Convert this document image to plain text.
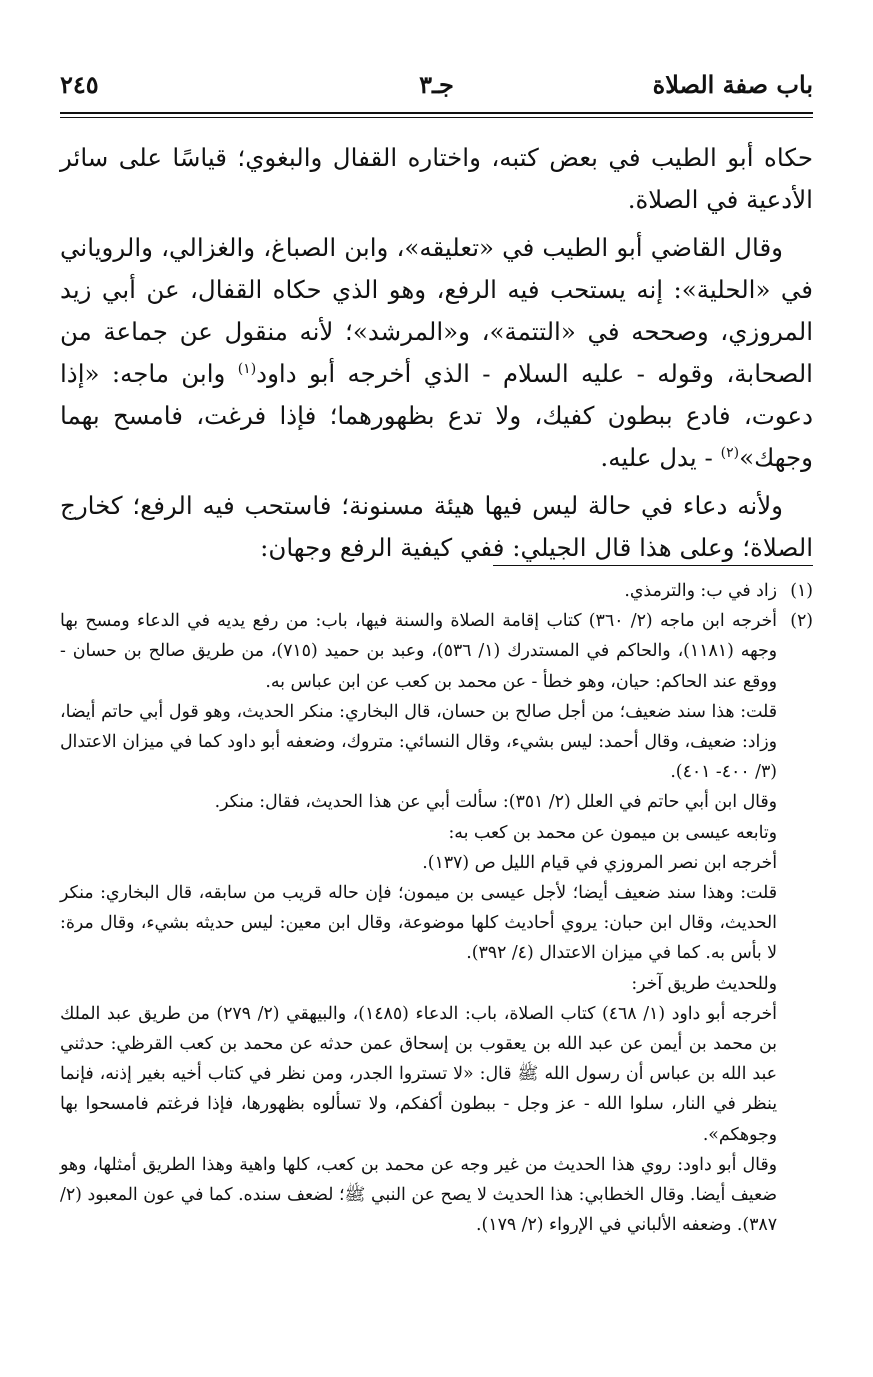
باب صفة الصلاة
جـ٣
٢٤٥

حكاه أبو الطيب في بعض كتبه، واختاره القفال والبغوي؛ قياسًا على سائر الأدعية في الصلاة.

وقال القاضي أبو الطيب في «تعليقه»، وابن الصباغ، والغزالي، والروياني في «الحلية»: إنه يستحب فيه الرفع، وهو الذي حكاه القفال، عن أبي زيد المروزي، وصححه في «التتمة»، و«المرشد»؛ لأنه منقول عن جماعة من الصحابة، وقوله - عليه السلام - الذي أخرجه أبو داود$^{(١)}$ وابن ماجه: «إذا دعوت، فادع ببطون كفيك، ولا تدع بظهورهما؛ فإذا فرغت، فامسح بهما وجهك»$^{(٢)}$ - يدل عليه.

ولأنه دعاء في حالة ليس فيها هيئة مسنونة؛ فاستحب فيه الرفع؛ كخارج الصلاة؛ وعلى هذا قال الجيلي: ففي كيفية الرفع وجهان:

(١)
زاد في ب: والترمذي.
(٢)

أخرجه ابن ماجه (٢/ ٣٦٠) كتاب إقامة الصلاة والسنة فيها، باب: من رفع يديه في الدعاء ومسح بها وجهه (١١٨١)، والحاكم في المستدرك (١/ ٥٣٦)، وعبد بن حميد (٧١٥)، من طريق صالح بن حسان - ووقع عند الحاكم: حيان، وهو خطأ - عن محمد بن كعب عن ابن عباس به.

قلت: هذا سند ضعيف؛ من أجل صالح بن حسان، قال البخاري: منكر الحديث، وهو قول أبي حاتم أيضا، وزاد: ضعيف، وقال أحمد: ليس بشيء، وقال النسائي: متروك، وضعفه أبو داود كما في ميزان الاعتدال (٣/ ٤٠٠- ٤٠١).

وقال ابن أبي حاتم في العلل (٢/ ٣٥١): سألت أبي عن هذا الحديث، فقال: منكر.

وتابعه عيسى بن ميمون عن محمد بن كعب به:

أخرجه ابن نصر المروزي في قيام الليل ص (١٣٧).

قلت: وهذا سند ضعيف أيضا؛ لأجل عيسى بن ميمون؛ فإن حاله قريب من سابقه، قال البخاري: منكر الحديث، وقال ابن حبان: يروي أحاديث كلها موضوعة، وقال ابن معين: ليس حديثه بشيء، وقال مرة: لا بأس به. كما في ميزان الاعتدال (٤/ ٣٩٢).

وللحديث طريق آخر:

أخرجه أبو داود (١/ ٤٦٨) كتاب الصلاة، باب: الدعاء (١٤٨٥)، والبيهقي (٢/ ٢٧٩) من طريق عبد الملك بن محمد بن أيمن عن عبد الله بن يعقوب بن إسحاق عمن حدثه عن محمد بن كعب القرظي: حدثني عبد الله بن عباس أن رسول الله ﷺ قال: «لا تستروا الجدر، ومن نظر في كتاب أخيه بغير إذنه، فإنما ينظر في النار، سلوا الله - عز وجل - ببطون أكفكم، ولا تسألوه بظهورها، فإذا فرغتم فامسحوا بها وجوهكم».

وقال أبو داود: روي هذا الحديث من غير وجه عن محمد بن كعب، كلها واهية وهذا الطريق أمثلها، وهو ضعيف أيضا. وقال الخطابي: هذا الحديث لا يصح عن النبي ﷺ؛ لضعف سنده. كما في عون المعبود (٢/ ٣٨٧). وضعفه الألباني في الإرواء (٢/ ١٧٩).
